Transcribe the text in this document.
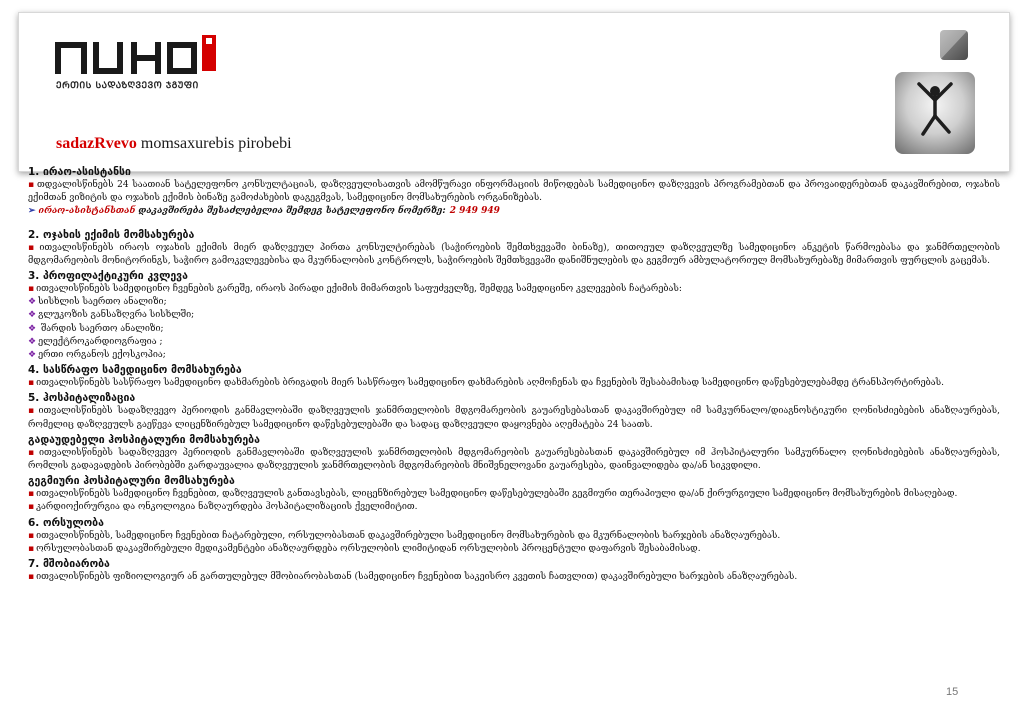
ᲔᲠᲗᲘᲡ ᲡᲐᲓᲐᲖᲦᲕᲔᲕᲝ ᲯᲒᲣᲤᲘ
sadazRvevo momsaxurebis pirobebi
1. ირაო-ასისტანსი
▪ თდვალისწინებს 24 საათიან სატელეფონო კონსულტაციას, დაზღვეულისათვის ამომწურავი ინფორმაციის მიწოდებას სამედიცინო დაზღვევის პროგრამებთან და პროვაიდერებთან დაკავშირებით, ოჯახის ექიმთან ვიზიტის და ოჯახის ექიმის ბინაზე გამოძახების დაგეგმვას, სამედიცინო მომსახურების ორგანიზებას.
➢ ირაო-ასისტანსთან დაკავშირება შესაძლებელია შემდეგ სატელეფონო ნომერზე: 2 949 949
2. ოჯახის ექიმის მომსახურება
▪ ითვალისწინებს ირაოს ოჯახის ექიმის მიერ დაზღვეულ პირთა კონსულტირებას (საჭიროების შემთხვევაში ბინაზე), თითოეულ დაზღვეულზე სამედიცინო ანკეტის წარმოებასა და ჯანმრთელობის მდგომარეობის მონიტორინგს, საჭირო გამოკვლევებისა და მკურნალობის კონტროლს, საჭიროების შემთხვევაში დანიშნულების და გეგმიურ ამბულატორიულ მომსახურებაზე მიმართვის ფურცლის გაცემას.
3. პროფილაქტიკური კვლევა
▪ ითვალისწინებს სამედიცინო ჩვენების გარეშე, ირაოს პირადი ექიმის მიმართვის საფუძველზე, შემდეგ სამედიცინო კვლევების ჩატარებას:
❖ სისხლის საერთო ანალიზი;
❖ გლუკოზის განსაზღვრა სისხლში;
❖ შარდის საერთო ანალიზი;
❖ ელექტროკარდიოგრაფია ;
❖ ერთი ორგანოს ექოსკოპია;
4. სასწრაფო სამედიცინო მომსახურება
▪ ითვალისწინებს სასწრაფო სამედიცინო დახმარების ბრიგადის მიერ სასწრაფო სამედიცინო დახმარების აღმოჩენას და ჩვენების შესაბამისად სამედიცინო დაწესებულებამდე ტრანსპორტირებას.
5. ჰოსპიტალიზაცია
▪ ითვალისწინებს სადაზღვევო პერიოდის განმავლობაში დაზღვეულის ჯანმრთელობის მდგომარეობის გაუარესებასთან დაკავშირებულ იმ სამკურნალო/დიაგნოსტიკური ღონისძიებების ანაზღაურებას, რომელიც დაზღვეულს გაეწევა ლიცენზირებულ სამედიცინო დაწესებულებაში და სადაც დაზღვეული დაყოვნება აღემატება 24 საათს.
გადაუდებელი ჰოსპიტალური მომსახურება
▪ ითვალისწინებს სადაზღვევო პერიოდის განმავლობაში დაზღვეულის ჯანმრთელობის მდგომარეობის გაუარესებასთან დაკავშირებულ იმ ჰოსპიტალური სამკურნალო ღონისძიებების ანაზღაურებას, რომლის გადავადების პირობებში გარდაუვალია დაზღვეულის ჯანმრთელობის მდგომარეობის მნიშვნელოვანი გაუარესება, დაინვალიდება და/ან სიკვდილი.
გეგმიური ჰოსპიტალური მომსახურება
▪ ითვალისწინებს სამედიცინო ჩვენებით, დაზღვეულის განთავსებას, ლიცენზირებულ სამედიცინო დაწესებულებაში გეგმიური თერაპიული და/ან ქირურგიული სამედიცინო მომსახურების მისაღებად.
▪ კარდიოქირურგია და ონკოლოგია ნაზღაურდება ჰოსპიტალიზაციის ქველიმიტით.
6. ორსულობა
▪ ითვალისწინებს, სამედიცინო ჩვენებით ჩატარებული, ორსულობასთან დაკავშირებული სამედიცინო მომსახურების და მკურნალობის ხარჯების ანაზღაურებას.
▪ ორსულობასთან დაკავშირებული მედიკამენტები ანაზღაურდება ორსულობის ლიმიტიდან ორსულობის პროცენტული დაფარვის შესაბამისად.
7. მშობიარობა
▪ ითვალისწინებს ფიზიოლოგიურ ან გართულებულ მშობიარობასთან (სამედიცინო ჩვენებით საკეისრო კვეთის ჩათვლით) დაკავშირებული ხარჯების ანაზღაურებას.
15
